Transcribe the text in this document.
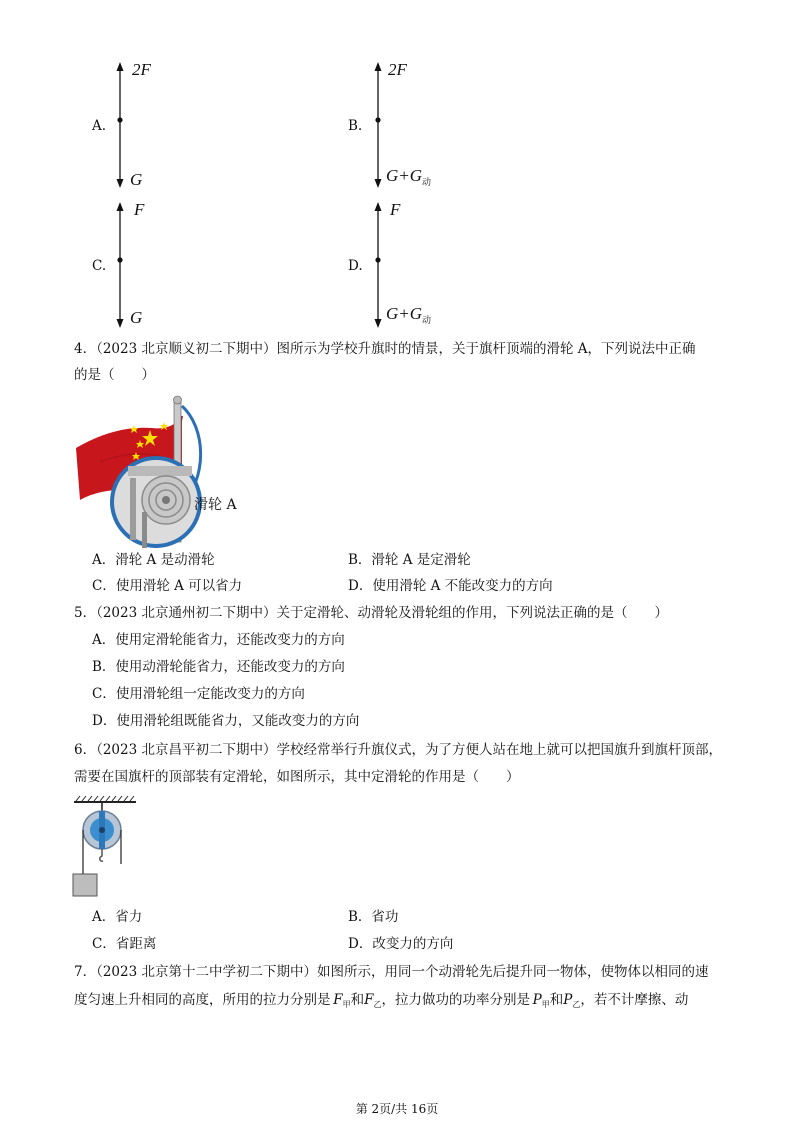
A.
2F
G
B.
2F
$G+G_动$
C.
F
G
D.
F
$G+G_动$
4．（2023 北京顺义初二下期中）图所示为学校升旗时的情景，关于旗杆顶端的滑轮 A，下列说法中正确
的是（　　）
滑轮 A
A．滑轮 A 是动滑轮	B．滑轮 A 是定滑轮
C．使用滑轮 A 可以省力	D．使用滑轮 A 不能改变力的方向
5．（2023 北京通州初二下期中）关于定滑轮、动滑轮及滑轮组的作用，下列说法正确的是（　　）
A．使用定滑轮能省力，还能改变力的方向
B．使用动滑轮能省力，还能改变力的方向
C．使用滑轮组一定能改变力的方向
D．使用滑轮组既能省力，又能改变力的方向
6．（2023 北京昌平初二下期中）学校经常举行升旗仪式，为了方便人站在地上就可以把国旗升到旗杆顶部，
需要在国旗杆的顶部装有定滑轮，如图所示，其中定滑轮的作用是（　　）
A．省力	B．省功
C．省距离	D．改变力的方向
7．（2023 北京第十二中学初二下期中）如图所示，用同一个动滑轮先后提升同一物体，使物体以相同的速
度匀速上升相同的高度，所用的拉力分别是  $F_甲$和$F_乙$，拉力做功的功率分别是  $P_甲$和$P_乙$，若不计摩擦、动
第 2页/共 16页
